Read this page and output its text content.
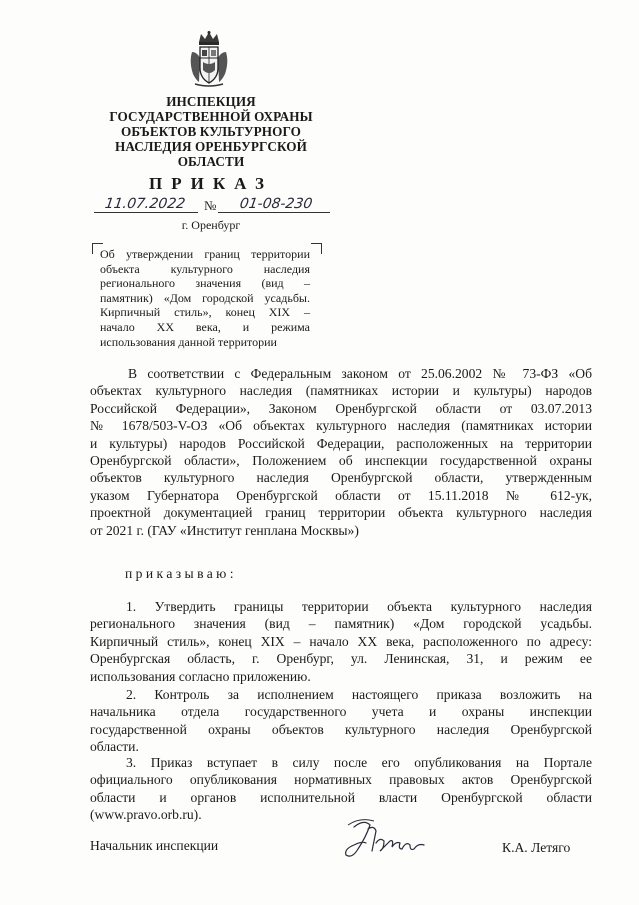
ИНСПЕКЦИЯ
ГОСУДАРСТВЕННОЙ ОХРАНЫ
ОБЪЕКТОВ КУЛЬТУРНОГО
НАСЛЕДИЯ ОРЕНБУРГСКОЙ
ОБЛАСТИ
ПРИКАЗ
11.07.2022	№	01-08-230
г. Оренбург
Об утверждении границ территории
объекта культурного наследия
регионального значения (вид –
памятник) «Дом городской усадьбы.
Кирпичный стиль», конец XIX –
начало XX века, и режима
использования данной территории
В соответствии с Федеральным законом от 25.06.2002 № 73-ФЗ «Об
объектах культурного наследия (памятниках истории и культуры) народов
Российской Федерации», Законом Оренбургской области от 03.07.2013
№ 1678/503-V-ОЗ «Об объектах культурного наследия (памятниках истории
и культуры) народов Российской Федерации, расположенных на территории
Оренбургской области», Положением об инспекции государственной охраны
объектов культурного наследия Оренбургской области, утвержденным
указом Губернатора Оренбургской области от 15.11.2018 № 612-ук,
проектной документацией границ территории объекта культурного наследия
от 2021 г. (ГАУ «Институт генплана Москвы»)
приказываю:
1. Утвердить границы территории объекта культурного наследия
регионального значения (вид – памятник) «Дом городской усадьбы.
Кирпичный стиль», конец XIX – начало XX века, расположенного по адресу:
Оренбургская область, г. Оренбург, ул. Ленинская, 31, и режим ее
использования согласно приложению.
2. Контроль за исполнением настоящего приказа возложить на
начальника отдела государственного учета и охраны инспекции
государственной охраны объектов культурного наследия Оренбургской
области.
3. Приказ вступает в силу после его опубликования на Портале
официального опубликования нормативных правовых актов Оренбургской
области и органов исполнительной власти Оренбургской области
(www.pravo.orb.ru).
Начальник инспекции	К.А. Летяго
